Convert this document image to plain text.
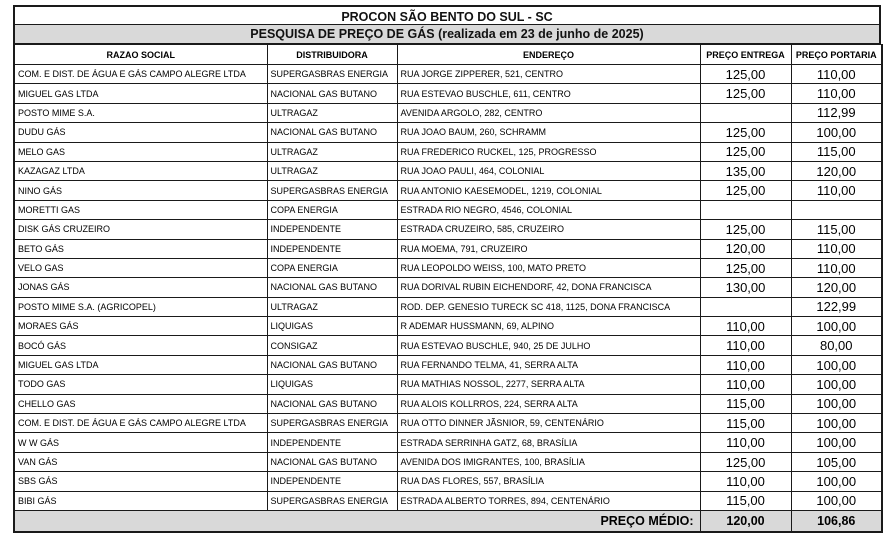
PROCON SÃO BENTO DO SUL - SC
PESQUISA DE PREÇO DE GÁS (realizada em 23 de junho de 2025)
RAZAO SOCIAL	DISTRIBUIDORA	ENDEREÇO	PREÇO ENTREGA	PREÇO PORTARIA
COM. E DIST. DE ÁGUA E GÁS CAMPO ALEGRE LTDA	SUPERGASBRAS ENERGIA	RUA JORGE ZIPPERER, 521, CENTRO	125,00	110,00
MIGUEL GAS LTDA	NACIONAL GAS BUTANO	RUA ESTEVAO BUSCHLE, 611, CENTRO	125,00	110,00
POSTO MIME S.A.	ULTRAGAZ	AVENIDA ARGOLO, 282, CENTRO		112,99
DUDU GÁS	NACIONAL GAS BUTANO	RUA JOAO BAUM, 260, SCHRAMM	125,00	100,00
MELO GAS	ULTRAGAZ	RUA FREDERICO RUCKEL, 125, PROGRESSO	125,00	115,00
KAZAGAZ LTDA	ULTRAGAZ	RUA JOAO PAULI, 464, COLONIAL	135,00	120,00
NINO GÁS	SUPERGASBRAS ENERGIA	RUA ANTONIO KAESEMODEL, 1219, COLONIAL	125,00	110,00
MORETTI GAS	COPA ENERGIA	ESTRADA RIO NEGRO, 4546, COLONIAL		
DISK GÁS CRUZEIRO	INDEPENDENTE	ESTRADA CRUZEIRO, 585, CRUZEIRO	125,00	115,00
BETO GÁS	INDEPENDENTE	RUA MOEMA, 791, CRUZEIRO	120,00	110,00
VELO GAS	COPA ENERGIA	RUA LEOPOLDO WEISS, 100, MATO PRETO	125,00	110,00
JONAS GÁS	NACIONAL GAS BUTANO	RUA DORIVAL RUBIN EICHENDORF, 42, DONA FRANCISCA	130,00	120,00
POSTO MIME S.A. (AGRICOPEL)	ULTRAGAZ	ROD. DEP. GENESIO TURECK SC 418, 1125, DONA FRANCISCA		122,99
MORAES GÁS	LIQUIGAS	R ADEMAR HUSSMANN, 69, ALPINO	110,00	100,00
BOCÓ GÁS	CONSIGAZ	RUA ESTEVAO BUSCHLE, 940, 25 DE JULHO	110,00	80,00
MIGUEL GAS LTDA	NACIONAL GAS BUTANO	RUA FERNANDO TELMA, 41, SERRA ALTA	110,00	100,00
TODO GAS	LIQUIGAS	RUA MATHIAS NOSSOL, 2277, SERRA ALTA	110,00	100,00
CHELLO GAS	NACIONAL GAS BUTANO	RUA ALOIS KOLLRROS, 224, SERRA ALTA	115,00	100,00
COM. E DIST. DE ÁGUA E GÁS CAMPO ALEGRE LTDA	SUPERGASBRAS ENERGIA	RUA OTTO DINNER JÃSNIOR, 59, CENTENÁRIO	115,00	100,00
W W GÁS	INDEPENDENTE	ESTRADA SERRINHA GATZ, 68, BRASÍLIA	110,00	100,00
VAN GÁS	NACIONAL GAS BUTANO	AVENIDA DOS IMIGRANTES, 100, BRASÍLIA	125,00	105,00
SBS GÁS	INDEPENDENTE	RUA DAS FLORES, 557, BRASÍLIA	110,00	100,00
BIBI GÁS	SUPERGASBRAS ENERGIA	ESTRADA ALBERTO TORRES, 894, CENTENÁRIO	115,00	100,00
PREÇO MÉDIO:			120,00	106,86
